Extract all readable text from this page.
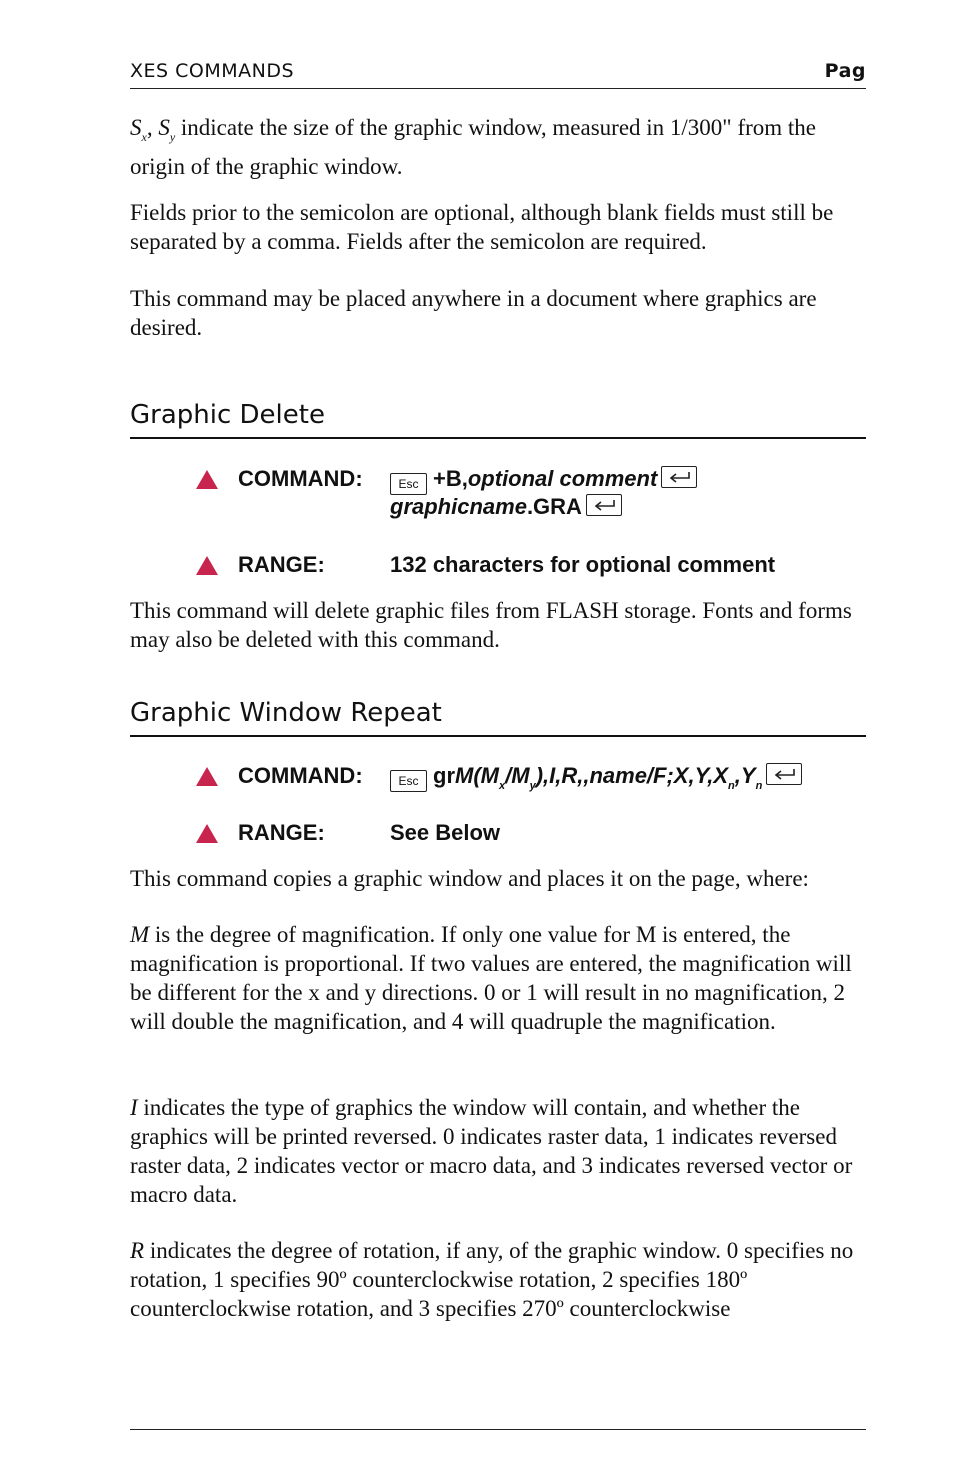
XES COMMANDS	Pag

$S_x$, $S_y$ indicate the size of the graphic window, measured in 1/300" from the origin of the graphic window.

Fields prior to the semicolon are optional, although blank fields must still be separated by a comma. Fields after the semicolon are required.

This command may be placed anywhere in a document where graphics are desired.

Graphic Delete
COMMAND:	Esc +B,optional comment
graphicname.GRA
RANGE:	132 characters for optional comment

This command will delete graphic files from FLASH storage. Fonts and forms may also be deleted with this command.

Graphic Window Repeat
COMMAND:	Esc $grM(M_x/M_y),I,R,,name/F;X,Y,X_n,Y_n$
RANGE:	See Below

This command copies a graphic window and places it on the page, where:

M is the degree of magnification. If only one value for M is entered, the magnification is proportional. If two values are entered, the magnification will be different for the x and y directions. 0 or 1 will result in no magnification, 2 will double the magnification, and 4 will quadruple the magnification.

I indicates the type of graphics the window will contain, and whether the graphics will be printed reversed. 0 indicates raster data, 1 indicates reversed raster data, 2 indicates vector or macro data, and 3 indicates reversed vector or macro data.

R indicates the degree of rotation, if any, of the graphic window. 0 specifies no rotation, 1 specifies 90º counterclockwise rotation, 2 specifies 180º counterclockwise rotation, and 3 specifies 270º counterclockwise
